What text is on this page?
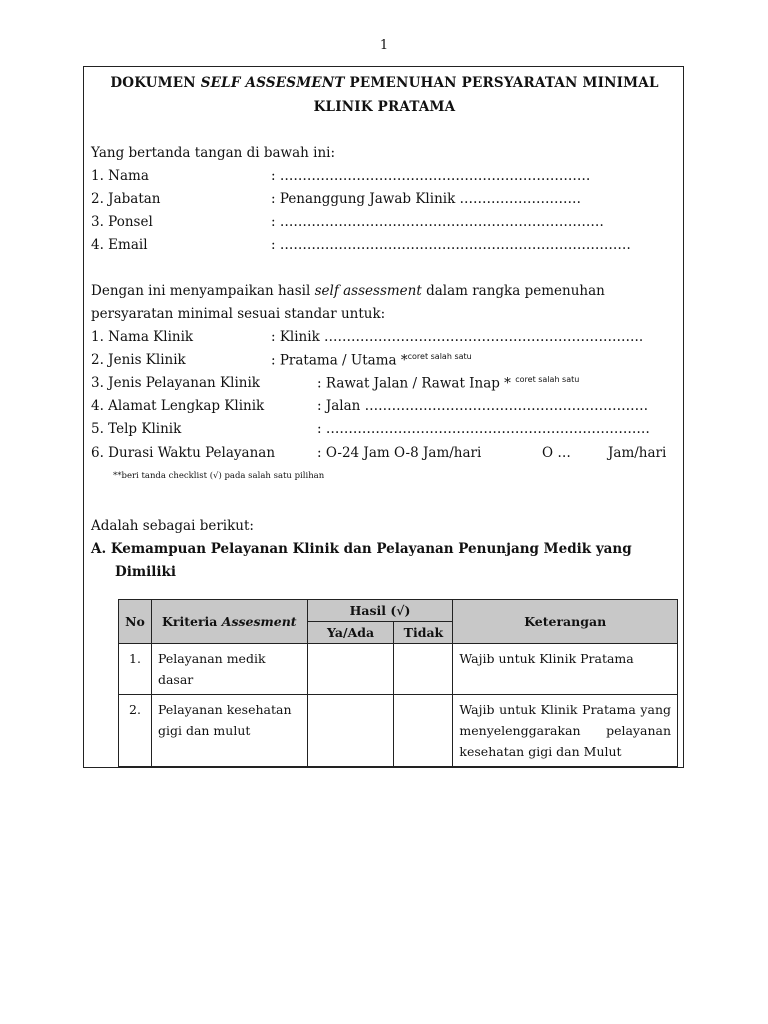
1
DOKUMEN SELF ASSESMENT PEMENUHAN PERSYARATAN MINIMAL
KLINIK PRATAMA
Yang bertanda tangan di bawah ini:
1. Nama	: ……………………………………………………………
2. Jabatan	: Penanggung Jawab Klinik ………………………
3. Ponsel	: ………………………………………………………………
4. Email	: ……………………………………………………………………
Dengan ini menyampaikan hasil self assessment dalam rangka pemenuhan
persyaratan minimal sesuai standar untuk:
1. Nama Klinik	: Klinik ……………………………………………………………..
2. Jenis Klinik	: Pratama / Utama *$^{coret salah satu}$
3. Jenis Pelayanan Klinik	: Rawat Jalan / Rawat Inap * $^{coret salah satu}$
4. Alamat Lengkap Klinik	: Jalan ………………………………………………………
5. Telp Klinik	: ………………………………………………………………
6. Durasi Waktu Pelayanan	: O-24 Jam O-8 Jam/hari	O …	Jam/hari
**beri tanda checklist (√) pada salah satu pilihan
Adalah sebagai berikut:
A. Kemampuan Pelayanan Klinik dan Pelayanan Penunjang Medik yang
Dimiliki
No	Kriteria Assesment	Hasil (√)		Keterangan
		Ya/Ada	Tidak	
1.	Pelayanan medik dasar			Wajib untuk Klinik Pratama
2.	Pelayanan kesehatan gigi dan mulut			Wajib untuk Klinik Pratama yang menyelenggarakan pelayanan kesehatan gigi dan Mulut
